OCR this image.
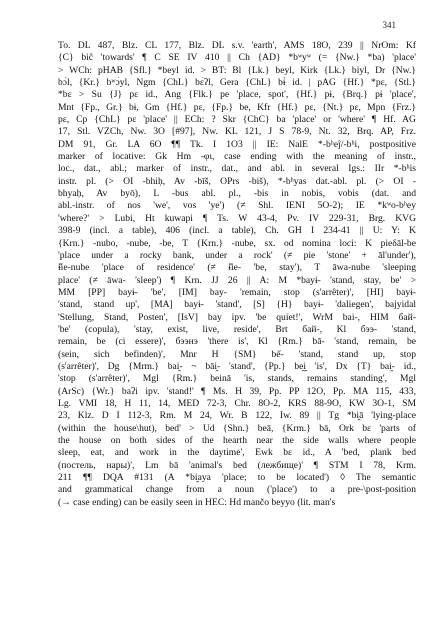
341
To. DL 487, Blz. CL 177, Blz. DL s.v. 'earth', AMS 18O, 239 || NrOm: Kf
{C} biĉ 'towards' ¶ C SE IV 410 || Ch {AD} *bʷyʷ (= {Nw.} *ba) 'place'
> WCh: pHAB {Sfl.} *beyl id. > BT: Bl {Lk.} beyl, Kirk {Lk.} biyl, Dr {Nw.}
bɔ̀l, {Kr.} bʷɔ̀yl, Ngm {ChL} bɛ̀ʔl, Gera {ChL} bɨ̀ id. | pAG {Hf.} *pɛ, {Stl.}
*bɛ > Su {J} pɛ id., Ang {Flk.} pe 'place, spot', {Hf.} pɨ, {Brq.} pɨ 'place',
Mnt {Fp., Gr.} bɨ, Gm {Hf.} pɛ, {Fp.} be, Kfr {Hf.} pɛ, {Nt.} pɛ, Mpn {Frz.}
pɛ, Cp {ChL} pɛ 'place' || ECh: ? Skr {ChC} ba 'place' or 'where' ¶ Hf. AG
17, Stl. VZCh, Nw. 3O [#97], Nw. KL 121, J S 78-9, Nt. 32, Brq. AP, Frz.
DM 91, Gr. LA 6O ¶¶ Tk. I 1O3 || IE: NalE *-bʰeĵ/-bʰi, postpositive
marker of locative: Gk Hm -φι, case ending with the meaning of instr.,
loc., dat., abl.; marker of instr., dat., and abl. in several Igs.: IIr *-bʰis
instr. pl. (> OI -bhiḥ, Av -bīš, OPrs -biš), *-bʰyas dat.-abl. pl. (> OI -
bhyaḥ, Av byō), L -bus abl. pl., -bis in nobis, vobis (dat. and
abl.-instr. of nos 'we', vos 'ye') (≠ Shl. IENI 5O-2); IE *kʷo-bʰey
'where?' > Lubi, Ht kuwapi ¶ Ts. W 43-4, Pv. IV 229-31, Brg. KVG
398-9 (incl. a table), 406 (incl. a table), Ch. GH I 234-41 || U: Y: K
{Krn.} -nubo, -nube, -be, T {Krn.} -nube, sx. od nomina loci: K pieδāl-be
'place under a rocky bank, under a rock' (≠ pie 'stone' + āl'under'),
ɨ̂ie-nube 'place of residence' (≠ ɨ̂ie- 'be, stay'), T āwa-nube 'sleeping
place' (≠ āwa- 'sleep') ¶ Krn. JJ 26 || A: M *bayɨ- 'stand, stay, be' >
MM [PP] bayɨ- 'be', [IM] bay- 'remain, stop (s'arrêter)', [HI] bayɨ-
'stand, stand up', [MA] bayɨ- 'stand', [S] {H} bayɨ- 'daliegen', bajyidal
'Stellung, Stand, Posten', [IsV] bay ipv. 'be quiet!', WrM bai-, HIM бай-
'be' (copula), 'stay, exist, live, reside', Brt бай-, Kl бээ- 'stand,
remain, be (ci essere)', бээнэ 'there is', Kl {Rm.} bā- 'stand, remain, be
(sein, sich befinden)', Mnr H {SM} be̋- 'stand, stand up, stop
(s'arrêter)', Dg {Mrm.} bai̯- ~ bāi̯- 'stand', {Pp.} be̯i̯ 'is', Dx {T} bai̯- id.,
'stop (s'arrêter)', Mgl {Rm.} beinā 'is, stands, remains standing', Mgl
(ArSc) {Wr.} baʔi ipv. 'stand!' ¶ Ms. H 39, Pp. PP 12O, Pp. MA 115, 433,
Lg. VMI 18, H 11, 14, MED 72-3, Chr. 8O-2, KRS 88-9O, KW 3O-1, SM
23, Klz. D I 112-3, Rm. M 24, Wr. B 122, Iw. 89 || Tg *bi̯ā 'lying-place
(within the house\hut), bed' > Ud {Shn.} beā, {Krm.} bā, Ork bɛ 'parts of
the house on both sides of the hearth near the side walls where people
sleep, eat, and work in the daytime', Ewk bɛ id., A 'bed, plank bed
(постель, нары)', Lm bā 'animal's bed (лежбище)' ¶ STM I 78, Krm.
211 ¶¶ DQA #131 (A *bi̯aya 'place; to be located') ◊ The semantic
and grammatical change from a noun ('place') to a pre-\post-position
(→ case ending) can be easily seen in HEC: Hd mančo beyyo (lit. man's
